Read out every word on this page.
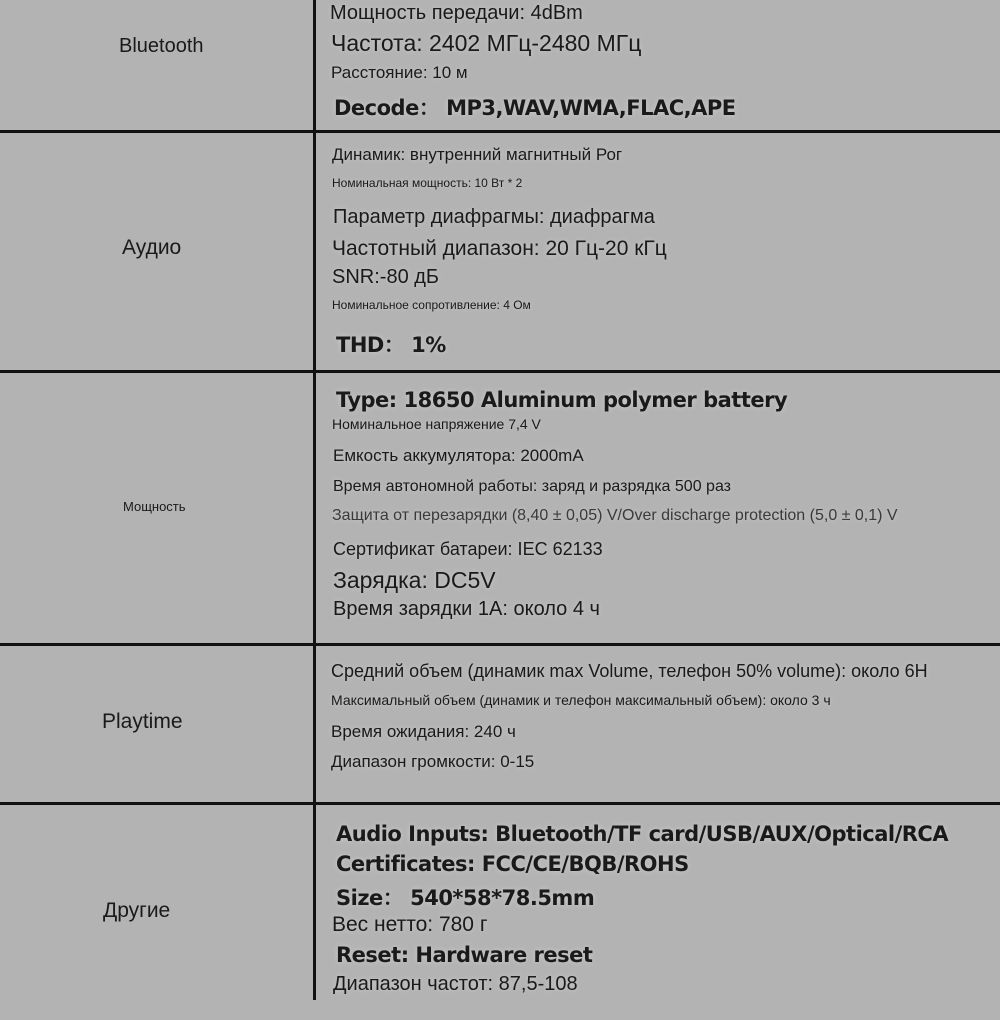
Bluetooth
Мощность передачи: 4dBm
Частота: 2402 МГц-2480 МГц
Расстояние: 10 м
Decode： MP3,WAV,WMA,FLAC,APE
Аудио
Динамик: внутренний магнитный Рог
Номинальная мощность: 10 Вт * 2
Параметр диафрагмы: диафрагма
Частотный диапазон: 20 Гц-20 кГц
SNR:-80 дБ
Номинальное сопротивление: 4 Ом
THD： 1%
Мощность
Type: 18650 Aluminum polymer battery
Номинальное напряжение 7,4 V
Емкость аккумулятора: 2000mA
Время автономной работы: заряд и разрядка 500 раз
Защита от перезарядки (8,40 ± 0,05) V/Over discharge protection (5,0 ± 0,1) V
Сертификат батареи: IEC 62133
Зарядка: DC5V
Время зарядки 1А: около 4 ч
Playtime
Средний объем (динамик max Volume, телефон 50% volume): около 6H
Максимальный объем (динамик и телефон максимальный объем): около 3 ч
Время ожидания: 240 ч
Диапазон громкости: 0-15
Другие
Audio Inputs: Bluetooth/TF card/USB/AUX/Optical/RCA
Certificates: FCC/CE/BQB/ROHS
Size： 540*58*78.5mm
Вес нетто: 780 г
Reset: Hardware reset
Диапазон частот: 87,5-108
